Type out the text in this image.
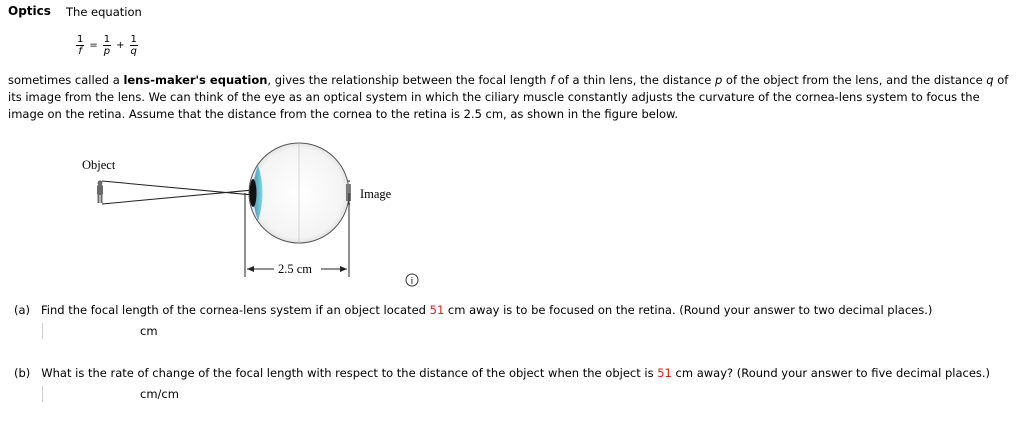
Optics The equation
$\frac{1}{f} = \frac{1}{p} + \frac{1}{q}$
sometimes called a lens-maker's equation, gives the relationship between the focal length f of a thin lens, the distance p of the object from the lens, and the distance q of its image from the lens. We can think of the eye as an optical system in which the ciliary muscle constantly adjusts the curvature of the cornea-lens system to focus the image on the retina. Assume that the distance from the cornea to the retina is 2.5 cm, as shown in the figure below.
Object
2.5 cm
Image
i
(a) Find the focal length of the cornea-lens system if an object located 51 cm away is to be focused on the retina. (Round your answer to two decimal places.)
cm
(b) What is the rate of change of the focal length with respect to the distance of the object when the object is 51 cm away? (Round your answer to five decimal places.)
cm/cm
